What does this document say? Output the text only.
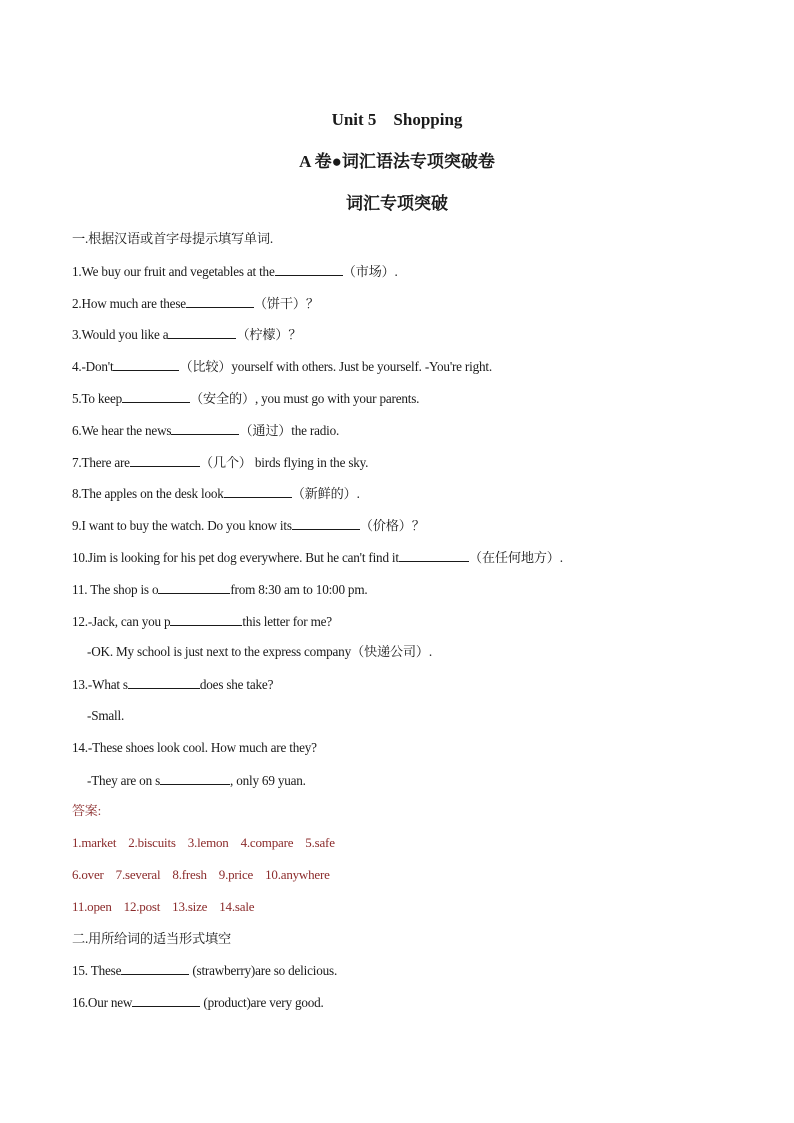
Unit 5　Shopping
A 卷●词汇语法专项突破卷
词汇专项突破
一.根据汉语或首字母提示填写单词.
1.We buy our fruit and vegetables at the	（市场）.
2.How much are these	（饼干）？
3.Would you like a	（柠檬）？
4.-Don't	（比较）yourself with others. Just be yourself. -You're right.
5.To keep	（安全的）, you must go with your parents.
6.We hear the news	（通过）the radio.
7.There are	（几个） birds flying in the sky.
8.The apples on the desk look	（新鲜的）.
9.I want to buy the watch. Do you know its	（价格）？
10.Jim is looking for his pet dog everywhere. But he can't find it	（在任何地方）.
11. The shop is o	from 8:30 am to 10:00 pm.
12.-Jack, can you p	this letter for me?
-OK. My school is just next to the express company（快递公司）.
13.-What s	does she take?
-Small.
14.-These shoes look cool. How much are they?
-They are on s	, only 69 yuan.
答案:
1.market 2.biscuits 3.lemon 4.compare 5.safe
6.over 7.several 8.fresh 9.price 10.anywhere
11.open 12.post 13.size 14.sale
二.用所给词的适当形式填空
15. These	(strawberry)are so delicious.
16.Our new	(product)are very good.
